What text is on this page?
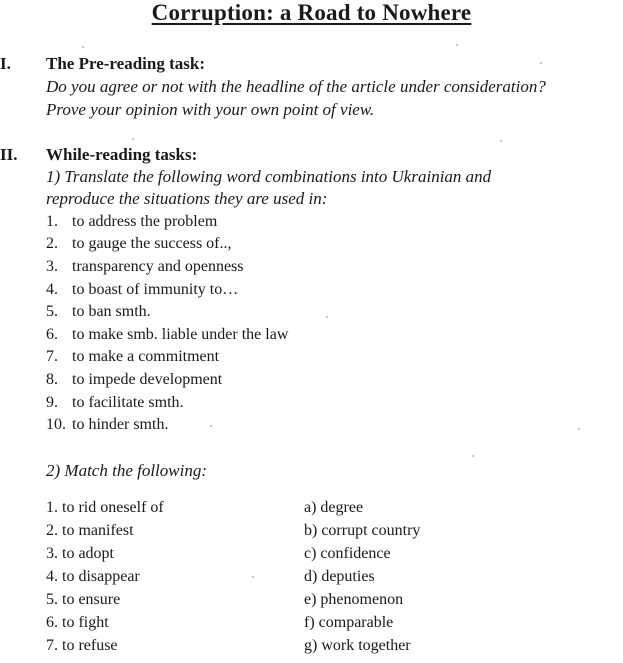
Corruption: a Road to Nowhere
I. The Pre-reading task:
Do you agree or not with the headline of the article under consideration?
Prove your opinion with your own point of view.
II. While-reading tasks:
1) Translate the following word combinations into Ukrainian and
reproduce the situations they are used in:
1. to address the problem
2. to gauge the success of..,
3. transparency and openness
4. to boast of immunity to…
5. to ban smth.
6. to make smb. liable under the law
7. to make a commitment
8. to impede development
9. to facilitate smth.
10. to hinder smth.
2) Match the following:
1. to rid oneself of
2. to manifest
3. to adopt
4. to disappear
5. to ensure
6. to fight
7. to refuse
a) degree
b) corrupt country
c) confidence
d) deputies
e) phenomenon
f) comparable
g) work together
